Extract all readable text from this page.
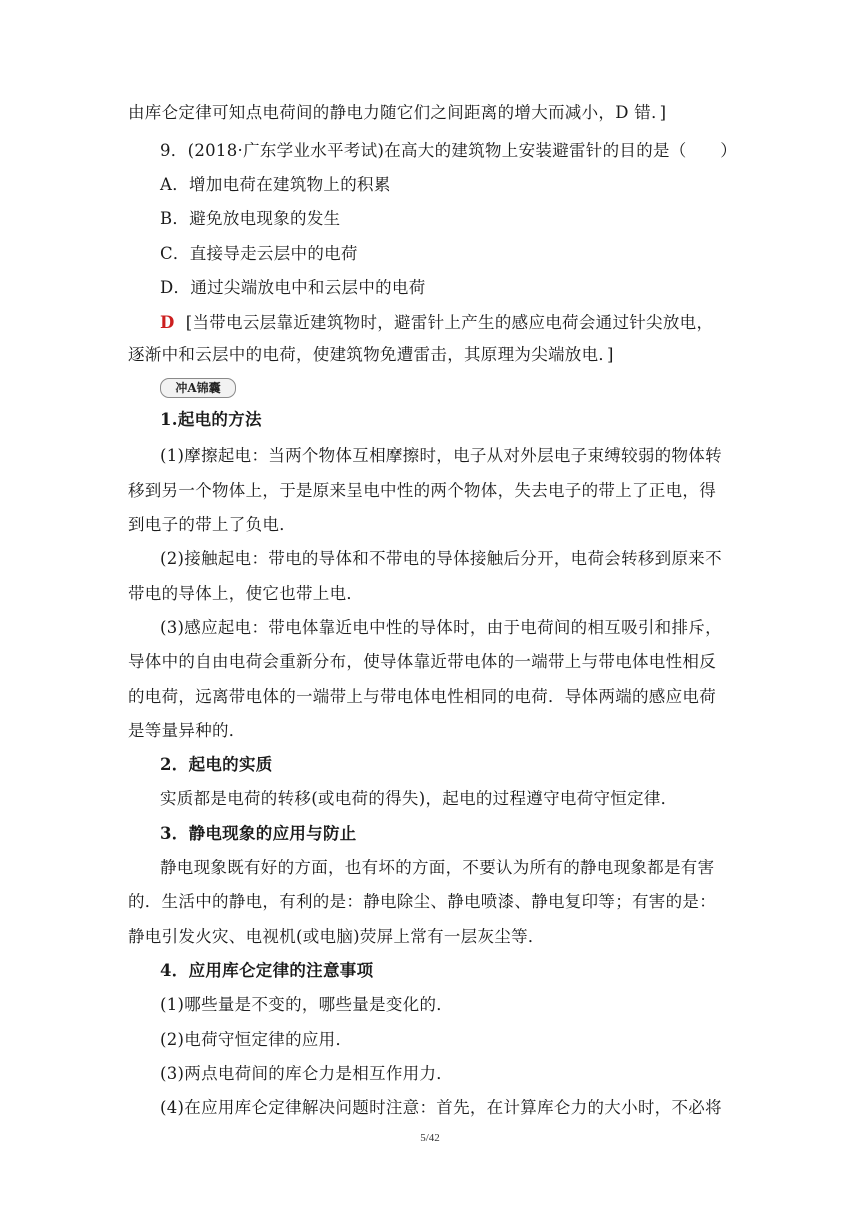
由库仑定律可知点电荷间的静电力随它们之间距离的增大而减小，D 错．]
9．(2018·广东学业水平考试)在高大的建筑物上安装避雷针的目的是（　　）
A．增加电荷在建筑物上的积累
B．避免放电现象的发生
C．直接导走云层中的电荷
D．通过尖端放电中和云层中的电荷
D [当带电云层靠近建筑物时，避雷针上产生的感应电荷会通过针尖放电，
逐渐中和云层中的电荷，使建筑物免遭雷击，其原理为尖端放电．]
冲A锦囊
1.起电的方法
(1)摩擦起电：当两个物体互相摩擦时，电子从对外层电子束缚较弱的物体转
移到另一个物体上，于是原来呈电中性的两个物体，失去电子的带上了正电，得
到电子的带上了负电．
(2)接触起电：带电的导体和不带电的导体接触后分开，电荷会转移到原来不
带电的导体上，使它也带上电．
(3)感应起电：带电体靠近电中性的导体时，由于电荷间的相互吸引和排斥，
导体中的自由电荷会重新分布，使导体靠近带电体的一端带上与带电体电性相反
的电荷，远离带电体的一端带上与带电体电性相同的电荷．导体两端的感应电荷
是等量异种的．
2．起电的实质
实质都是电荷的转移(或电荷的得失)，起电的过程遵守电荷守恒定律．
3．静电现象的应用与防止
静电现象既有好的方面，也有坏的方面，不要认为所有的静电现象都是有害
的．生活中的静电，有利的是：静电除尘、静电喷漆、静电复印等；有害的是：
静电引发火灾、电视机(或电脑)荧屏上常有一层灰尘等．
4．应用库仑定律的注意事项
(1)哪些量是不变的，哪些量是变化的．
(2)电荷守恒定律的应用．
(3)两点电荷间的库仑力是相互作用力．
(4)在应用库仑定律解决问题时注意：首先，在计算库仑力的大小时，不必将
5/42
